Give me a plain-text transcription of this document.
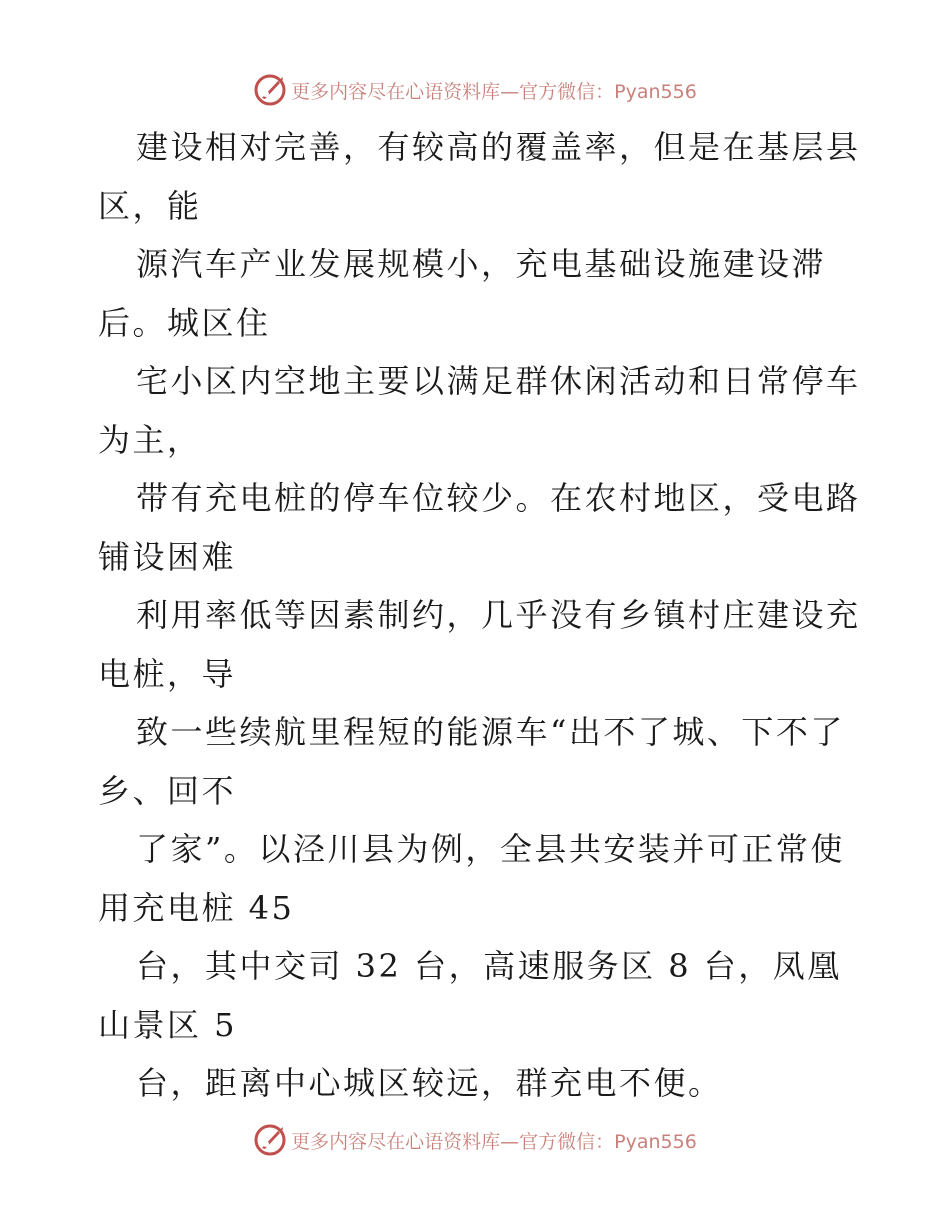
更多内容尽在心语资料库—官方微信：Pyan556
建设相对完善，有较高的覆盖率，但是在基层县
区，能
源汽车产业发展规模小，充电基础设施建设滞
后。城区住
宅小区内空地主要以满足群休闲活动和日常停车
为主，
带有充电桩的停车位较少。在农村地区，受电路
铺设困难
利用率低等因素制约，几乎没有乡镇村庄建设充
电桩，导
致一些续航里程短的能源车“出不了城、下不了
乡、回不
了家”。以泾川县为例，全县共安装并可正常使
用充电桩 45
台，其中交司 32 台，高速服务区 8 台，凤凰
山景区 5
台，距离中心城区较远，群充电不便。
更多内容尽在心语资料库—官方微信：Pyan556
